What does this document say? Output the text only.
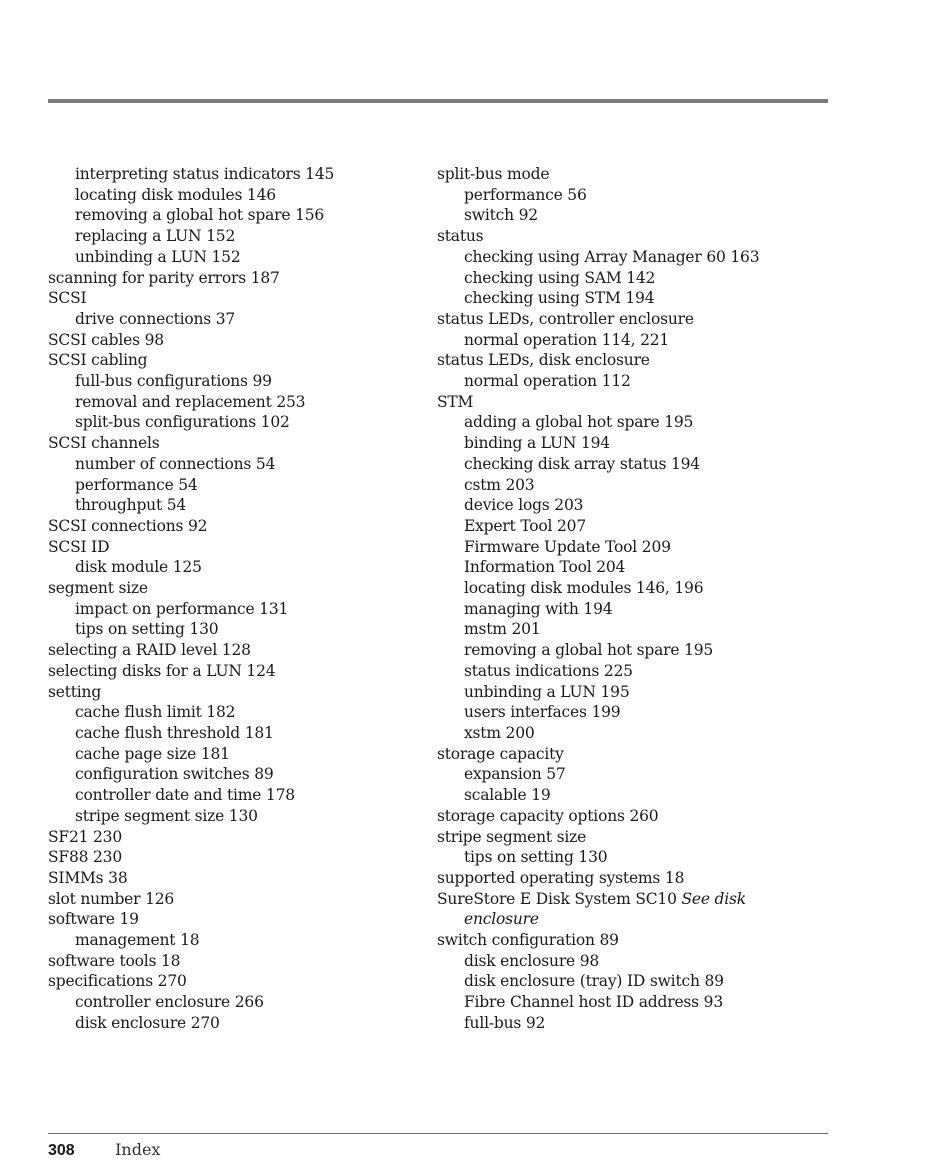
interpreting status indicators 145
locating disk modules 146
removing a global hot spare 156
replacing a LUN 152
unbinding a LUN 152
scanning for parity errors 187
SCSI
drive connections 37
SCSI cables 98
SCSI cabling
full-bus configurations 99
removal and replacement 253
split-bus configurations 102
SCSI channels
number of connections 54
performance 54
throughput 54
SCSI connections 92
SCSI ID
disk module 125
segment size
impact on performance 131
tips on setting 130
selecting a RAID level 128
selecting disks for a LUN 124
setting
cache flush limit 182
cache flush threshold 181
cache page size 181
configuration switches 89
controller date and time 178
stripe segment size 130
SF21 230
SF88 230
SIMMs 38
slot number 126
software 19
management 18
software tools 18
specifications 270
controller enclosure 266
disk enclosure 270
split-bus mode
performance 56
switch 92
status
checking using Array Manager 60 163
checking using SAM 142
checking using STM 194
status LEDs, controller enclosure
normal operation 114, 221
status LEDs, disk enclosure
normal operation 112
STM
adding a global hot spare 195
binding a LUN 194
checking disk array status 194
cstm 203
device logs 203
Expert Tool 207
Firmware Update Tool 209
Information Tool 204
locating disk modules 146, 196
managing with 194
mstm 201
removing a global hot spare 195
status indications 225
unbinding a LUN 195
users interfaces 199
xstm 200
storage capacity
expansion 57
scalable 19
storage capacity options 260
stripe segment size
tips on setting 130
supported operating systems 18
SureStore E Disk System SC10 See disk
enclosure
switch configuration 89
disk enclosure 98
disk enclosure (tray) ID switch 89
Fibre Channel host ID address 93
full-bus 92
308	Index
